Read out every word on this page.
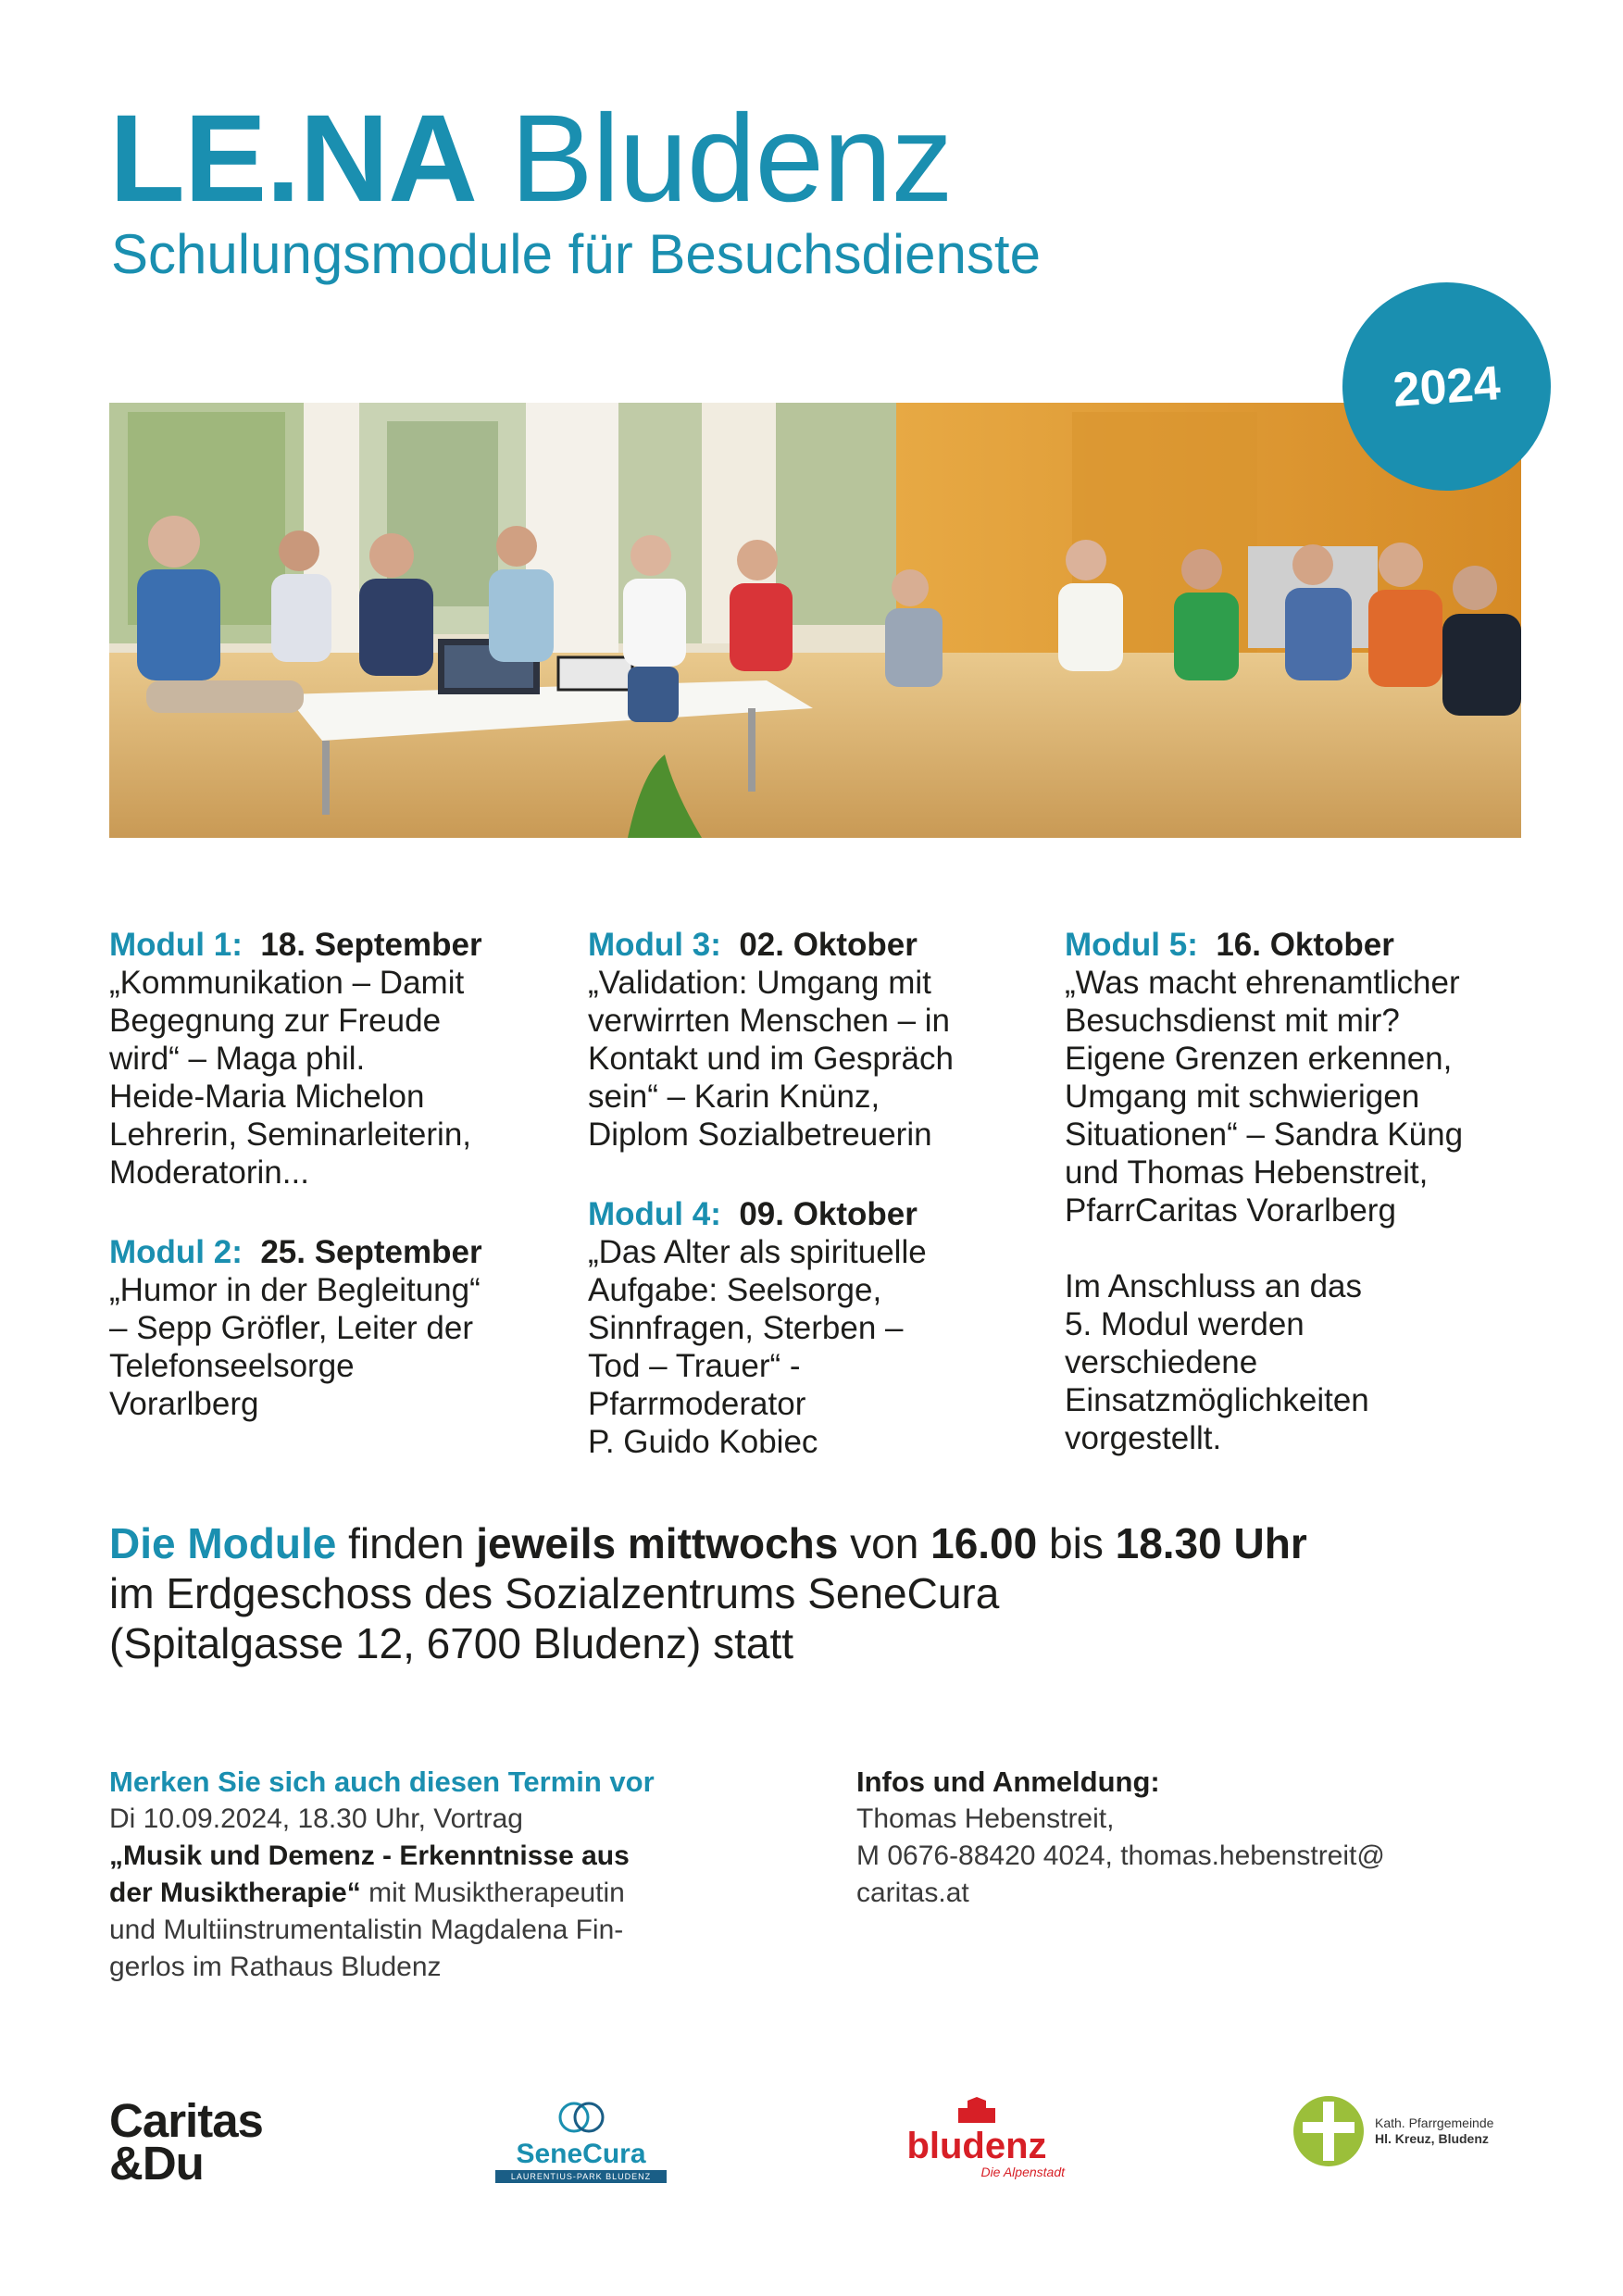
LE.NA Bludenz
Schulungsmodule für Besuchsdienste
2024
Modul 1: 18. September
„Kommunikation – Damit
Begegnung zur Freude
wird“ – Maga phil.
Heide-Maria Michelon
Lehrerin, Seminarleiterin,
Moderatorin...
Modul 2: 25. September
„Humor in der Begleitung“
– Sepp Gröfler, Leiter der
Telefonseelsorge
Vorarlberg
Modul 3: 02. Oktober
„Validation: Umgang mit
verwirrten Menschen – in
Kontakt und im Gespräch
sein“ – Karin Knünz,
Diplom Sozialbetreuerin
Modul 4: 09. Oktober
„Das Alter als spirituelle
Aufgabe: Seelsorge,
Sinnfragen, Sterben –
Tod – Trauer“ -
Pfarrmoderator
P. Guido Kobiec
Modul 5: 16. Oktober
„Was macht ehrenamtlicher
Besuchsdienst mit mir?
Eigene Grenzen erkennen,
Umgang mit schwierigen
Situationen“ – Sandra Küng
und Thomas Hebenstreit,
PfarrCaritas Vorarlberg
Im Anschluss an das
5. Modul werden
verschiedene
Einsatzmöglichkeiten
vorgestellt.
Die Module finden jeweils mittwochs von 16.00 bis 18.30 Uhr
im Erdgeschoss des Sozialzentrums SeneCura
(Spitalgasse 12, 6700 Bludenz) statt
Merken Sie sich auch diesen Termin vor
Di 10.09.2024, 18.30 Uhr, Vortrag
„Musik und Demenz - Erkenntnisse aus
der Musiktherapie“ mit Musiktherapeutin
und Multiinstrumentalistin Magdalena Fin-
gerlos im Rathaus Bludenz
Infos und Anmeldung:
Thomas Hebenstreit,
M 0676-88420 4024, thomas.hebenstreit@
caritas.at
Caritas
&Du	SeneCura
LAURENTIUS-PARK BLUDENZ
bludenz
Die Alpenstadt
Kath. Pfarrgemeinde
Hl. Kreuz, Bludenz
